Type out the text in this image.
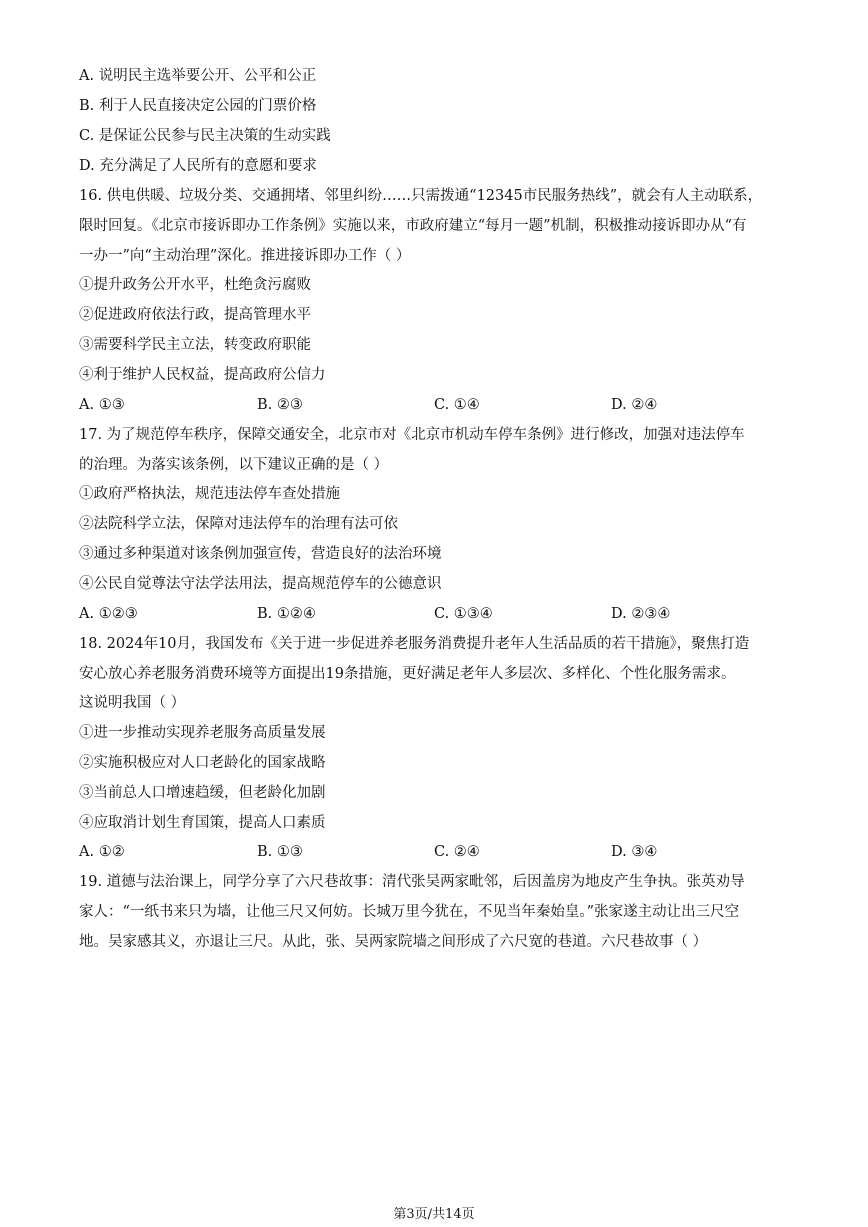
A. 说明民主选举要公开、公平和公正
B. 利于人民直接决定公园的门票价格
C. 是保证公民参与民主决策的生动实践
D. 充分满足了人民所有的意愿和要求
16. 供电供暖、垃圾分类、交通拥堵、邻里纠纷……只需拨通“12345市民服务热线”，就会有人主动联系，
限时回复。《北京市接诉即办工作条例》实施以来，市政府建立“每月一题”机制，积极推动接诉即办从“有
一办一”向“主动治理”深化。推进接诉即办工作（ ）
①提升政务公开水平，杜绝贪污腐败
②促进政府依法行政，提高管理水平
③需要科学民主立法，转变政府职能
④利于维护人民权益，提高政府公信力
A. ①③	B. ②③	C. ①④	D. ②④
17. 为了规范停车秩序，保障交通安全，北京市对《北京市机动车停车条例》进行修改，加强对违法停车
的治理。为落实该条例，以下建议正确的是（ ）
①政府严格执法，规范违法停车查处措施
②法院科学立法，保障对违法停车的治理有法可依
③通过多种渠道对该条例加强宣传，营造良好的法治环境
④公民自觉尊法守法学法用法，提高规范停车的公德意识
A. ①②③	B. ①②④	C. ①③④	D. ②③④
18. 2024年10月，我国发布《关于进一步促进养老服务消费提升老年人生活品质的若干措施》，聚焦打造
安心放心养老服务消费环境等方面提出19条措施，更好满足老年人多层次、多样化、个性化服务需求。
这说明我国（ ）
①进一步推动实现养老服务高质量发展
②实施积极应对人口老龄化的国家战略
③当前总人口增速趋缓，但老龄化加剧
④应取消计划生育国策，提高人口素质
A. ①②	B. ①③	C. ②④	D. ③④
19. 道德与法治课上，同学分享了六尺巷故事：清代张吴两家毗邻，后因盖房为地皮产生争执。张英劝导
家人：“一纸书来只为墙，让他三尺又何妨。长城万里今犹在，不见当年秦始皇。”张家遂主动让出三尺空
地。吴家感其义，亦退让三尺。从此，张、吴两家院墙之间形成了六尺宽的巷道。六尺巷故事（ ）
第3页/共14页
